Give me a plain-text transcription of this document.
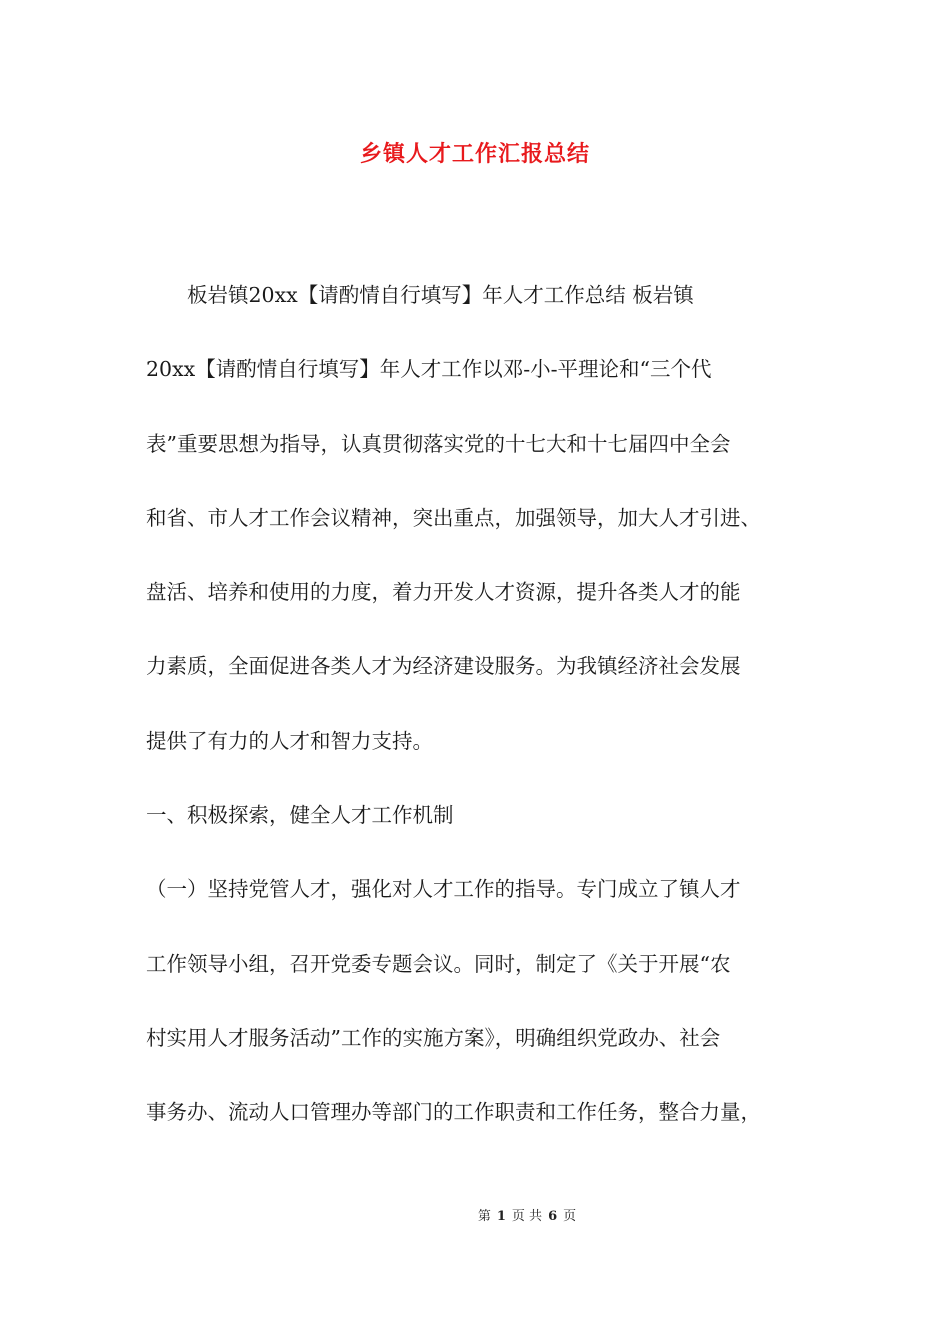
乡镇人才工作汇报总结
　　板岩镇20xx【请酌情自行填写】年人才工作总结 板岩镇
20xx【请酌情自行填写】年人才工作以邓-小-平理论和“三个代
表”重要思想为指导，认真贯彻落实党的十七大和十七届四中全会
和省、市人才工作会议精神，突出重点，加强领导，加大人才引进、
盘活、培养和使用的力度，着力开发人才资源，提升各类人才的能
力素质，全面促进各类人才为经济建设服务。为我镇经济社会发展
提供了有力的人才和智力支持。
一、积极探索，健全人才工作机制
（一）坚持党管人才，强化对人才工作的指导。专门成立了镇人才
工作领导小组，召开党委专题会议。同时，制定了《关于开展“农
村实用人才服务活动”工作的实施方案》，明确组织党政办、社会
事务办、流动人口管理办等部门的工作职责和工作任务，整合力量，
第 1 页 共 6 页
